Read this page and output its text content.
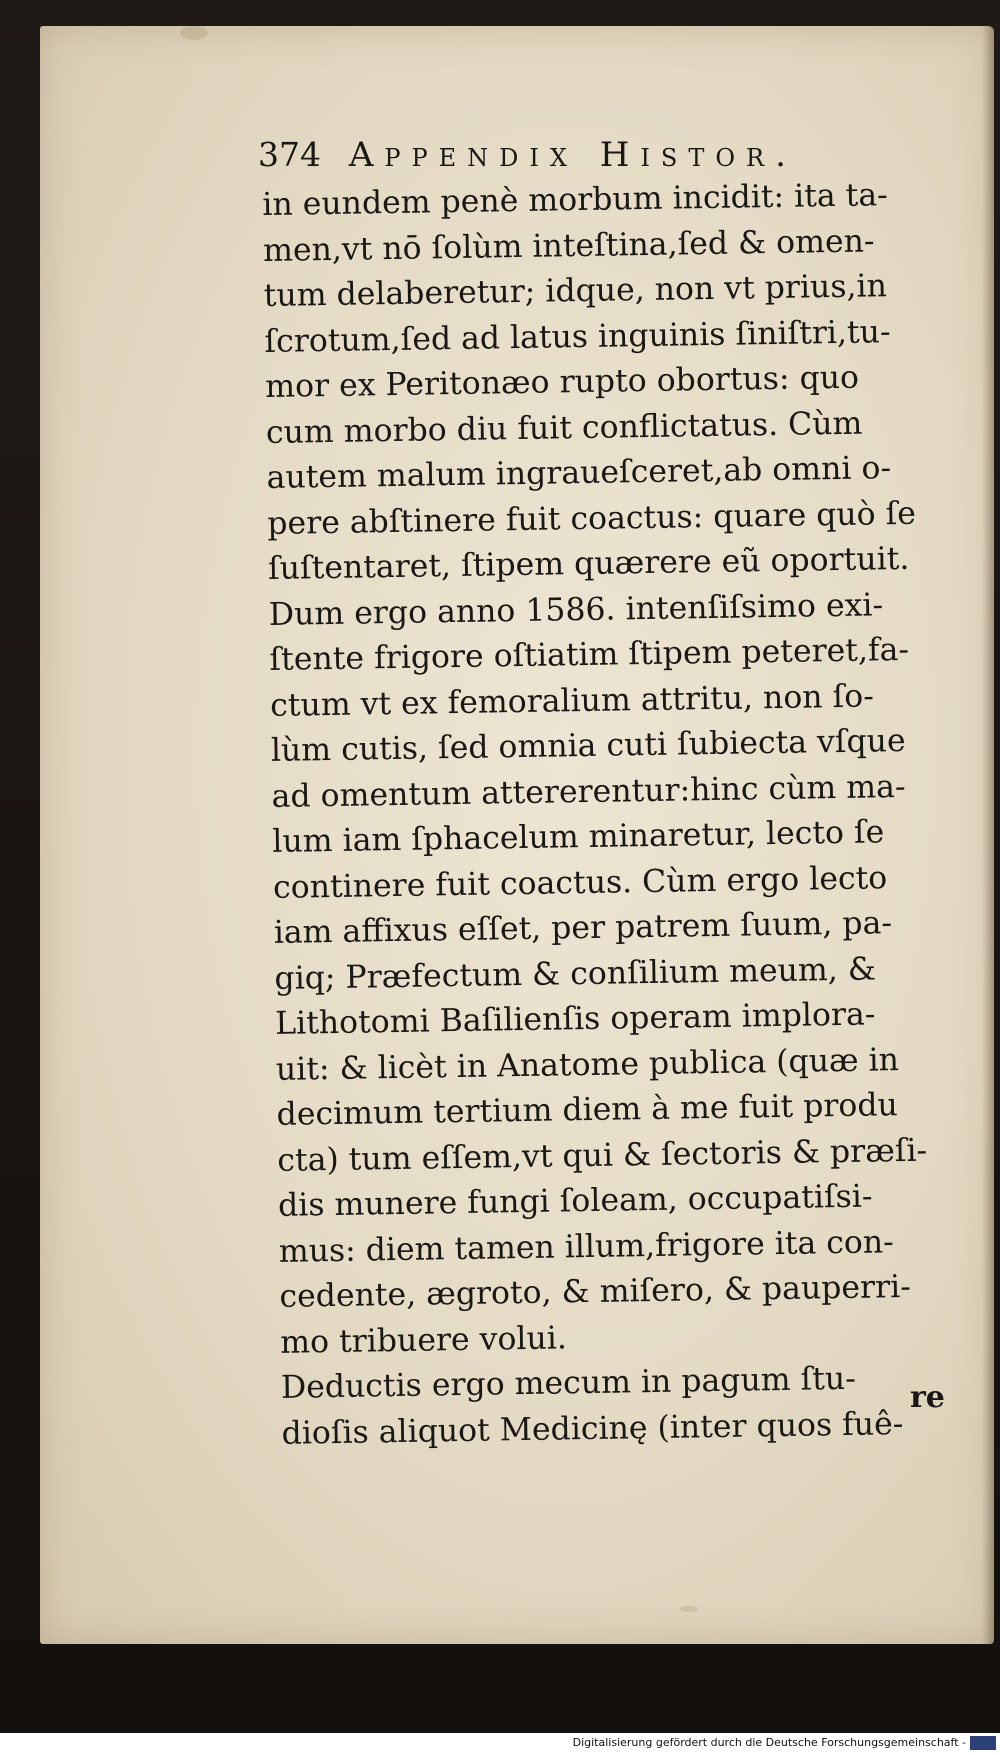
374 Appendix Histor.
in eundem penè morbum incidit: ita ta-
men,vt nō ſolùm inteſtina,ſed & omen-
tum delaberetur; idque, non vt prius,in
ſcrotum,ſed ad latus inguinis ſiniſtri,tu-
mor ex Peritonæo rupto obortus: quo
cum morbo diu fuit conflictatus. Cùm
autem malum ingraueſceret,ab omni o-
pere abſtinere fuit coactus: quare quò ſe
ſuſtentaret, ſtipem quærere eũ oportuit.
Dum ergo anno 1586. intenſiſsimo exi-
ſtente frigore oſtiatim ſtipem peteret,fa-
ctum vt ex femoralium attritu, non ſo-
lùm cutis, ſed omnia cuti ſubiecta vſque
ad omentum attererentur:hinc cùm ma-
lum iam ſphacelum minaretur, lecto ſe
continere fuit coactus. Cùm ergo lecto
iam affixus eſſet, per patrem ſuum, pa-
giq; Præfectum & conſilium meum, &
Lithotomi Baſilienſis operam implora-
uit: & licèt in Anatome publica (quæ in
decimum tertium diem à me fuit produ
cta) tum eſſem,vt qui & ſectoris & præſi-
dis munere fungi ſoleam, occupatiſsi-
mus: diem tamen illum,frigore ita con-
cedente, ægroto, & miſero, & pauperri-
mo tribuere volui.
Deductis ergo mecum in pagum ſtu-
dioſis aliquot Medicinę (inter quos fuê-
re
Digitalisierung gefördert durch die Deutsche Forschungsgemeinschaft -
